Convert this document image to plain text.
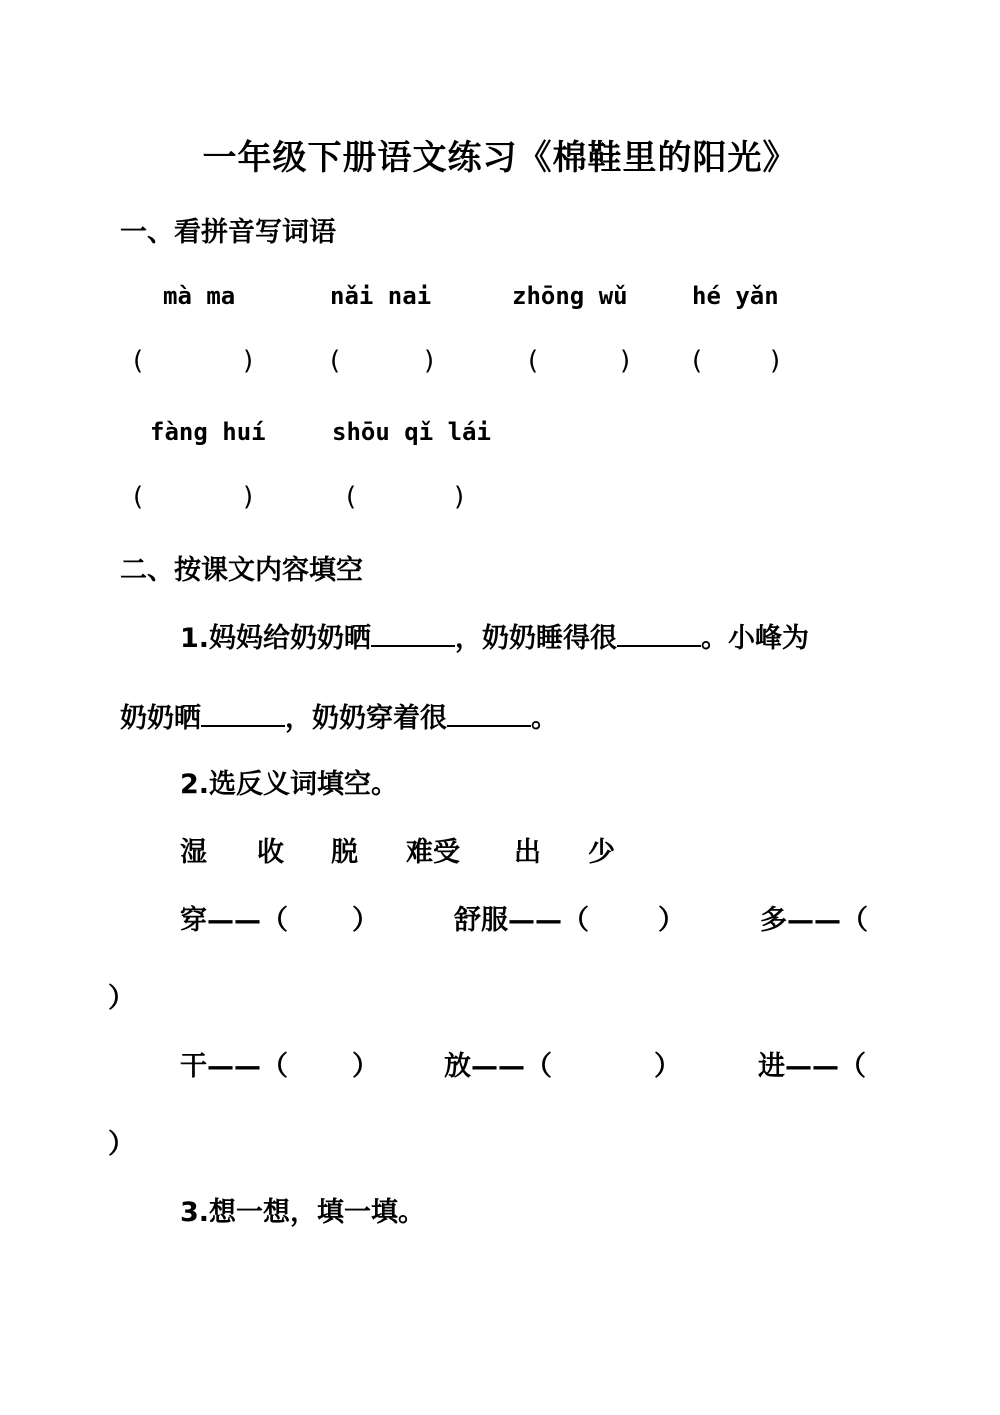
一年级下册语文练习《棉鞋里的阳光》
一、看拼音写词语
mà ma	nǎi nai	zhōng wǔ	hé yǎn
(	)	(	)	(	) (	)
fàng huí	shōu qǐ lái
(	)	(	)
二、按课文内容填空
1.妈妈给奶奶晒	，奶奶睡得很	。小峰为
奶奶晒	，奶奶穿着很	。
2.选反义词填空。
湿 收 脱 难受 出 少
穿——（ ）	舒服——（	）	多——（
）
干——（ ） 放——（	）	进——（
）
3.想一想，填一填。
